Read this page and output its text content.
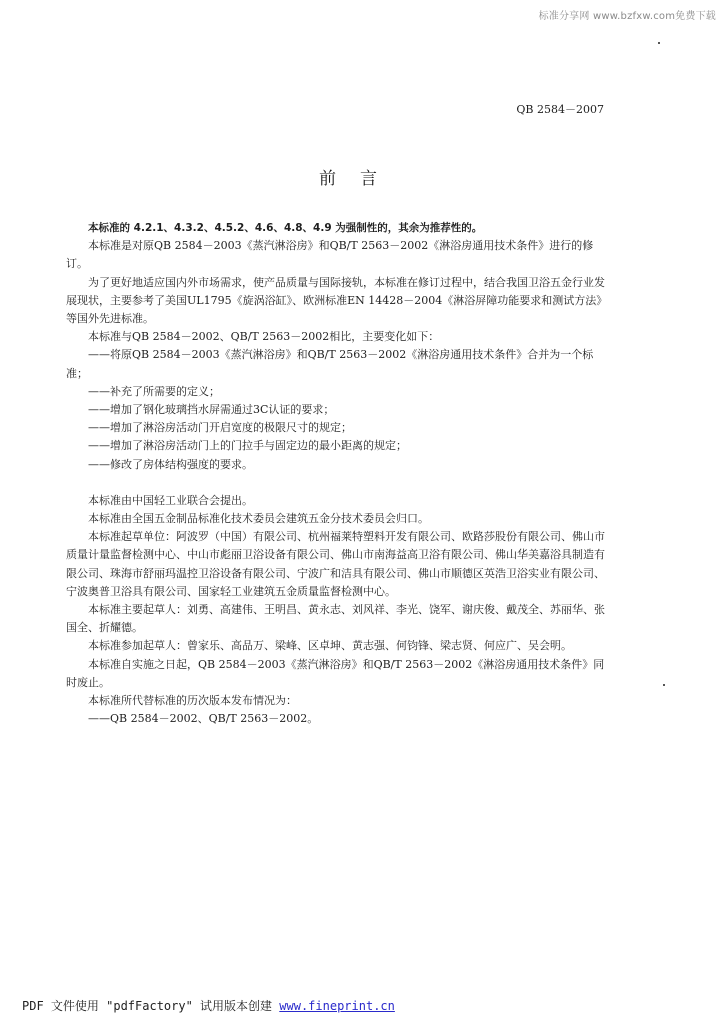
标准分享网 www.bzfxw.com免费下载
QB 2584－2007
前言

本标准的 4.2.1、4.3.2、4.5.2、4.6、4.8、4.9 为强制性的，其余为推荐性的。

本标准是对原QB 2584－2003《蒸汽淋浴房》和QB/T 2563－2002《淋浴房通用技术条件》进行的修订。

为了更好地适应国内外市场需求，使产品质量与国际接轨，本标准在修订过程中，结合我国卫浴五金行业发展现状，主要参考了美国UL1795《旋涡浴缸》、欧洲标准EN 14428－2004《淋浴屏障功能要求和测试方法》等国外先进标准。

本标准与QB 2584－2002、QB/T 2563－2002相比，主要变化如下：

——将原QB 2584－2003《蒸汽淋浴房》和QB/T 2563－2002《淋浴房通用技术条件》合并为一个标准；

——补充了所需要的定义；

——增加了钢化玻璃挡水屏需通过3C认证的要求；

——增加了淋浴房活动门开启宽度的极限尺寸的规定；

——增加了淋浴房活动门上的门拉手与固定边的最小距离的规定；

——修改了房体结构强度的要求。

本标准由中国轻工业联合会提出。

本标准由全国五金制品标准化技术委员会建筑五金分技术委员会归口。

本标准起草单位：阿波罗（中国）有限公司、杭州福莱特塑料开发有限公司、欧路莎股份有限公司、佛山市质量计量监督检测中心、中山市彪丽卫浴设备有限公司、佛山市南海益高卫浴有限公司、佛山华美嘉浴具制造有限公司、珠海市舒丽玛温控卫浴设备有限公司、宁波广和洁具有限公司、佛山市顺德区英浩卫浴实业有限公司、宁波奥普卫浴具有限公司、国家轻工业建筑五金质量监督检测中心。

本标准主要起草人：刘勇、高建伟、王明昌、黄永志、刘风祥、李光、饶军、谢庆俊、戴茂全、苏丽华、张国全、折耀德。

本标准参加起草人：曾家乐、高品万、梁峰、区卓坤、黄志强、何钧锋、梁志贤、何应广、吴会明。

本标准自实施之日起，QB 2584－2003《蒸汽淋浴房》和QB/T 2563－2002《淋浴房通用技术条件》同时废止。

本标准所代替标准的历次版本发布情况为：

——QB 2584－2002、QB/T 2563－2002。

PDF 文件使用 "pdfFactory" 试用版本创建 www.fineprint.cn
